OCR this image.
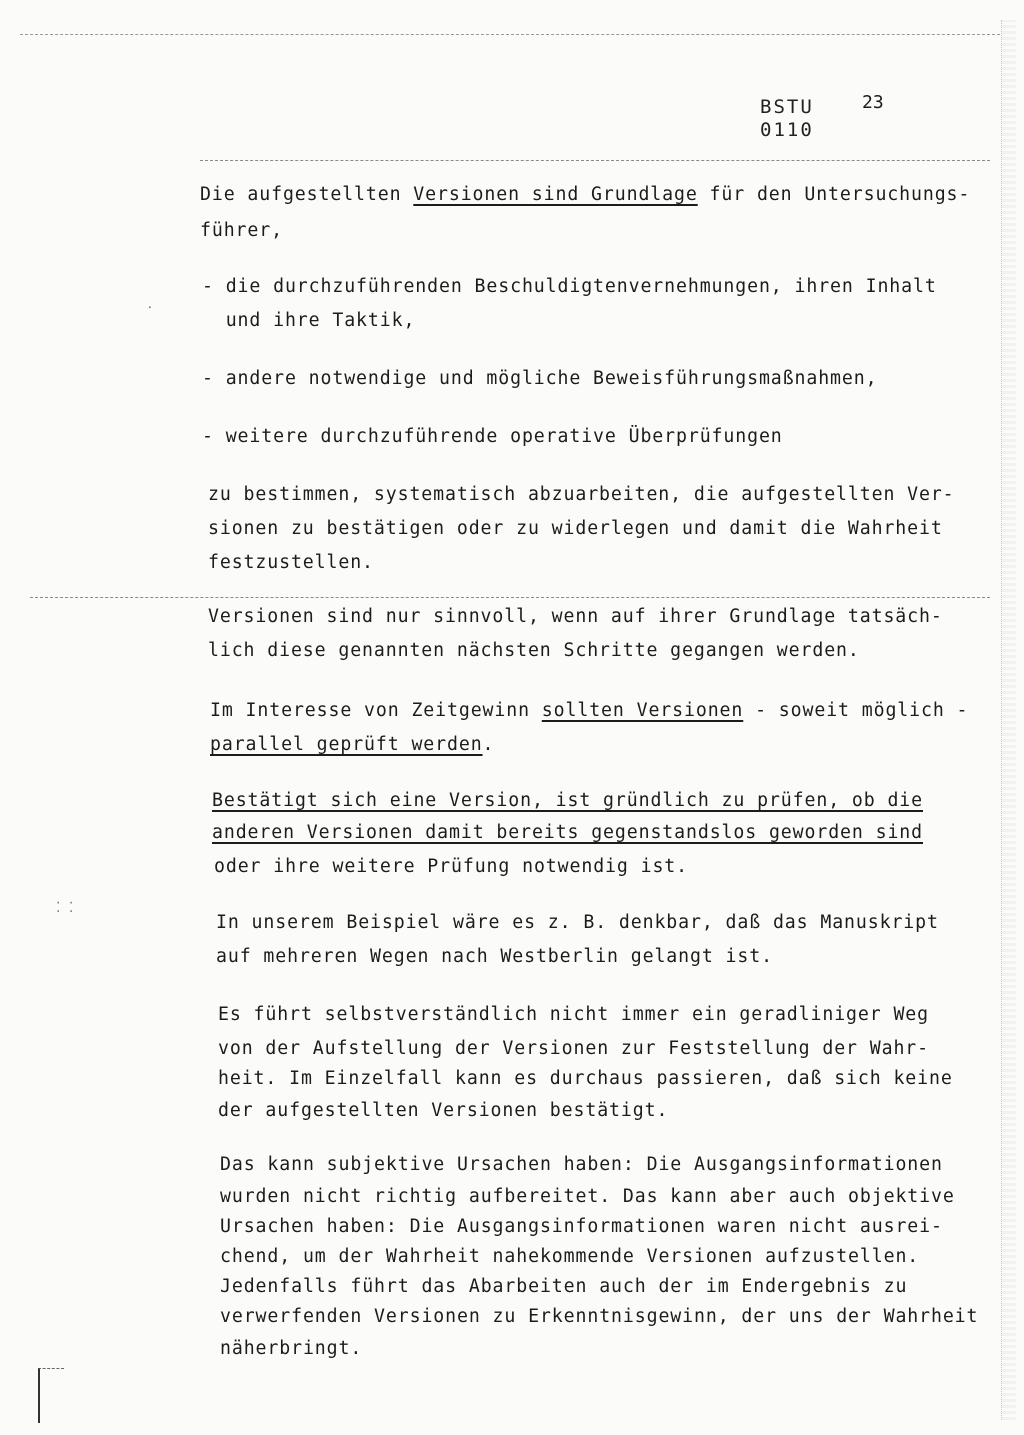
BSTU
0110
23
Die aufgestellten Versionen sind Grundlage für den Untersuchungs-
führer,
- die durchzuführenden Beschuldigtenvernehmungen, ihren Inhalt
und ihre Taktik,
- andere notwendige und mögliche Beweisführungsmaßnahmen,
- weitere durchzuführende operative Überprüfungen
zu bestimmen, systematisch abzuarbeiten, die aufgestellten Ver-
sionen zu bestätigen oder zu widerlegen und damit die Wahrheit
festzustellen.
Versionen sind nur sinnvoll, wenn auf ihrer Grundlage tatsäch-
lich diese genannten nächsten Schritte gegangen werden.
Im Interesse von Zeitgewinn sollten Versionen - soweit möglich -
parallel geprüft werden.
Bestätigt sich eine Version, ist gründlich zu prüfen, ob die
anderen Versionen damit bereits gegenstandslos geworden sind
oder ihre weitere Prüfung notwendig ist.
In unserem Beispiel wäre es z. B. denkbar, daß das Manuskript
auf mehreren Wegen nach Westberlin gelangt ist.
Es führt selbstverständlich nicht immer ein geradliniger Weg
von der Aufstellung der Versionen zur Feststellung der Wahr-
heit. Im Einzelfall kann es durchaus passieren, daß sich keine
der aufgestellten Versionen bestätigt.
Das kann subjektive Ursachen haben: Die Ausgangsinformationen
wurden nicht richtig aufbereitet. Das kann aber auch objektive
Ursachen haben: Die Ausgangsinformationen waren nicht ausrei-
chend, um der Wahrheit nahekommende Versionen aufzustellen.
Jedenfalls führt das Abarbeiten auch der im Endergebnis zu
verwerfenden Versionen zu Erkenntnisgewinn, der uns der Wahrheit
näherbringt.
⁚ ⁚
⸱
